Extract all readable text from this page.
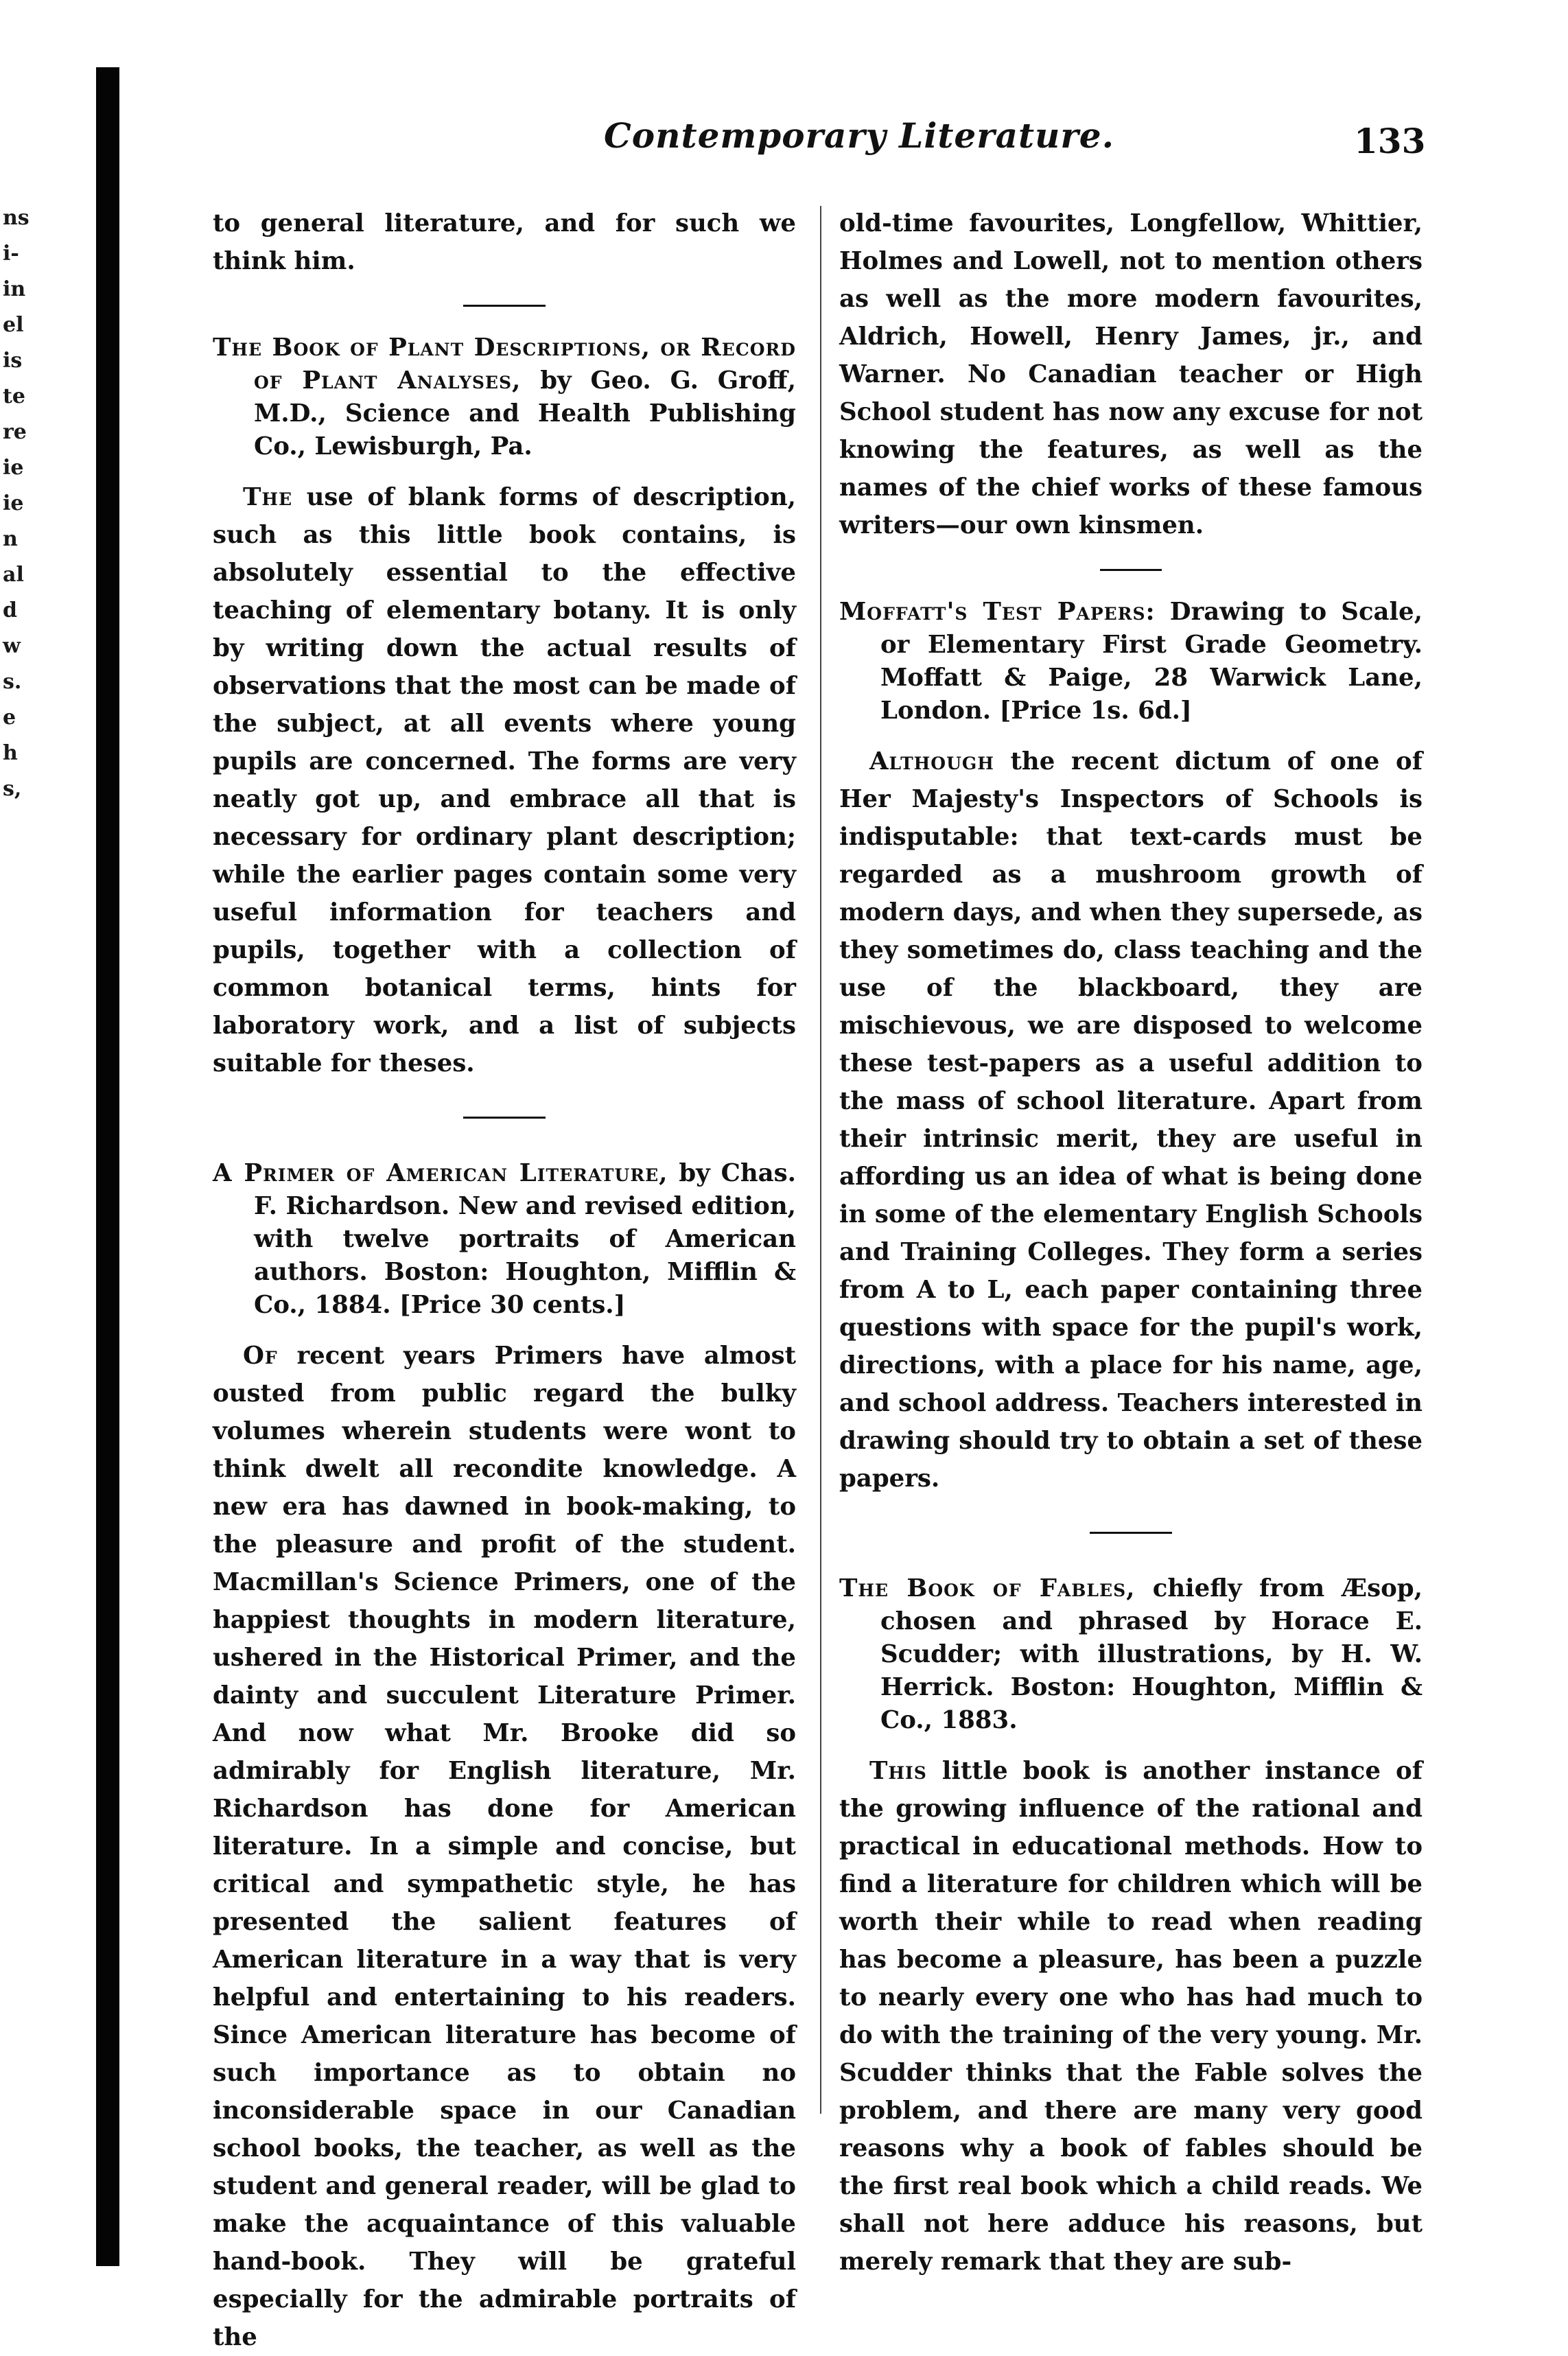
ns
i-
in
el
is
te
re
ie
ie
n
al
d
w
s.
e
h
s,
Contemporary Literature.	133

to general literature, and for such we think him.

The Book of Plant Descriptions, or Record of Plant Analyses, by Geo. G. Groff, M.D., Science and Health Publishing Co., Lewisburgh, Pa.

The use of blank forms of description, such as this little book contains, is absolutely essential to the effective teaching of elementary botany. It is only by writing down the actual results of observations that the most can be made of the subject, at all events where young pupils are concerned. The forms are very neatly got up, and embrace all that is necessary for ordinary plant description; while the earlier pages contain some very useful information for teachers and pupils, together with a collection of common botanical terms, hints for laboratory work, and a list of subjects suitable for theses.

A Primer of American Literature, by Chas. F. Richardson. New and revised edition, with twelve portraits of American authors. Boston: Houghton, Mifflin & Co., 1884. [Price 30 cents.]

Of recent years Primers have almost ousted from public regard the bulky volumes wherein students were wont to think dwelt all recondite knowledge. A new era has dawned in book-making, to the pleasure and profit of the student. Macmillan's Science Primers, one of the happiest thoughts in modern literature, ushered in the Historical Primer, and the dainty and succulent Literature Primer. And now what Mr. Brooke did so admirably for English literature, Mr. Richardson has done for American literature. In a simple and concise, but critical and sympathetic style, he has presented the salient features of American literature in a way that is very helpful and entertaining to his readers. Since American literature has become of such importance as to obtain no inconsiderable space in our Canadian school books, the teacher, as well as the student and general reader, will be glad to make the acquaintance of this valuable hand-book. They will be grateful especially for the admirable portraits of the

old-time favourites, Longfellow, Whittier, Holmes and Lowell, not to mention others as well as the more modern favourites, Aldrich, Howell, Henry James, jr., and Warner. No Canadian teacher or High School student has now any excuse for not knowing the features, as well as the names of the chief works of these famous writers—our own kinsmen.

Moffatt's Test Papers: Drawing to Scale, or Elementary First Grade Geometry. Moffatt & Paige, 28 Warwick Lane, London. [Price 1s. 6d.]

Although the recent dictum of one of Her Majesty's Inspectors of Schools is indisputable: that text-cards must be regarded as a mushroom growth of modern days, and when they supersede, as they sometimes do, class teaching and the use of the blackboard, they are mischievous, we are disposed to welcome these test-papers as a useful addition to the mass of school literature. Apart from their intrinsic merit, they are useful in affording us an idea of what is being done in some of the elementary English Schools and Training Colleges. They form a series from A to L, each paper containing three questions with space for the pupil's work, directions, with a place for his name, age, and school address. Teachers interested in drawing should try to obtain a set of these papers.

The Book of Fables, chiefly from Æsop, chosen and phrased by Horace E. Scudder; with illustrations, by H. W. Herrick. Boston: Houghton, Mifflin & Co., 1883.

This little book is another instance of the growing influence of the rational and practical in educational methods. How to find a literature for children which will be worth their while to read when reading has become a pleasure, has been a puzzle to nearly every one who has had much to do with the training of the very young. Mr. Scudder thinks that the Fable solves the problem, and there are many very good reasons why a book of fables should be the first real book which a child reads. We shall not here adduce his reasons, but merely remark that they are sub-
